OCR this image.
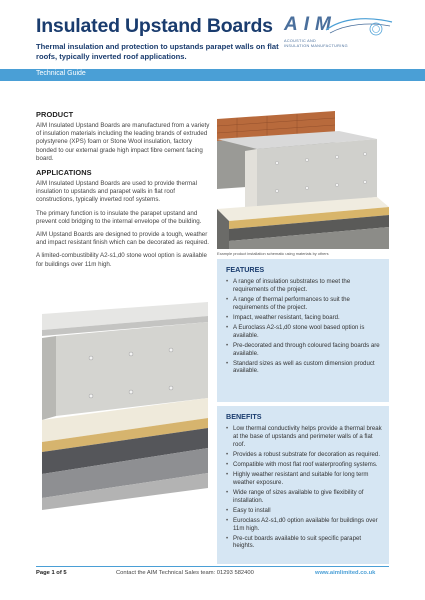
Insulated Upstand Boards
Thermal insulation and protection to upstands parapet walls on flat roofs, typically inverted roof applications.
AIM
ACOUSTIC AND
INSULATION MANUFACTURING
Technical Guide
PRODUCT

AIM Insulated Upstand Boards are manufactured from a variety of insulation materials including the leading brands of extruded polystyrene (XPS) foam or Stone Wool insulation, factory bonded to our external grade high impact fibre cement facing board.

APPLICATIONS

AIM Insulated Upstand Boards are used to provide thermal insulation to upstands and parapet walls in flat roof constructions, typically inverted roof systems.

The primary function is to insulate the parapet upstand and prevent cold bridging to the internal envelope of the building.

AIM Upstand Boards are designed to provide a tough, weather and impact resistant finish which can be decorated as required.

A limited-combustibility A2-s1,d0 stone wool option is available for buildings over 11m high.

Example product installation schematic using materials by others
FEATURES
• A range of insulation substrates to meet the requirements of the project.
• A range of thermal performances to suit the requirements of the project.
• Impact, weather resistant, facing board.
• A Euroclass A2-s1,d0 stone wool based option is available.
• Pre-decorated and through coloured facing boards are available.
• Standard sizes as well as custom dimension product available.
BENEFITS
• Low thermal conductivity helps provide a thermal break at the base of upstands and perimeter walls of a flat roof.
• Provides a robust substrate for decoration as required.
• Compatible with most flat roof waterproofing systems.
• Highly weather resistant and suitable for long term weather exposure.
• Wide range of sizes available to give flexibility of installation.
• Easy to install
• Euroclass A2-s1,d0 option available for buildings over 11m high.
• Pre-cut boards available to suit specific parapet heights.
Page 1 of 5	Contact the AIM Technical Sales team: 01293 582400	www.aimlimited.co.uk
